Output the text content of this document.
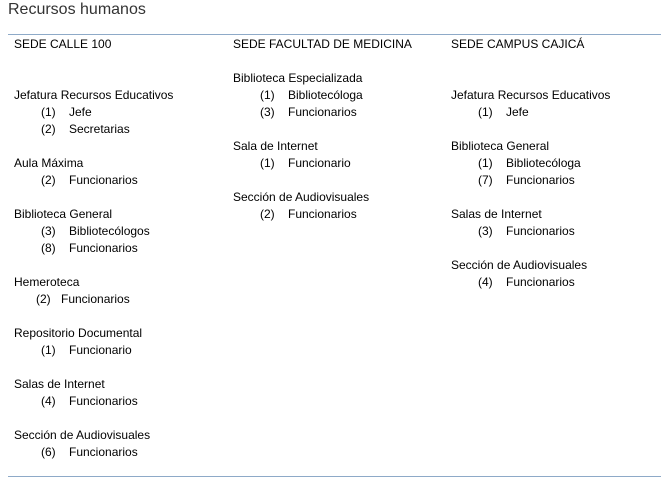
Recursos humanos
SEDE CALLE 100
Jefatura Recursos Educativos
(1) Jefe
(2) Secretarias
Aula Máxima
(2) Funcionarios
Biblioteca General
(3) Bibliotecólogos
(8) Funcionarios
Hemeroteca
(2) Funcionarios
Repositorio Documental
(1) Funcionario
Salas de Internet
(4) Funcionarios
Sección de Audiovisuales
(6) Funcionarios
SEDE FACULTAD DE MEDICINA
Biblioteca Especializada
(1) Bibliotecóloga
(3) Funcionarios
Sala de Internet
(1) Funcionario
Sección de Audiovisuales
(2) Funcionarios
SEDE CAMPUS CAJICÁ
Jefatura Recursos Educativos
(1) Jefe
Biblioteca General
(1) Bibliotecóloga
(7) Funcionarios
Salas de Internet
(3) Funcionarios
Sección de Audiovisuales
(4) Funcionarios
